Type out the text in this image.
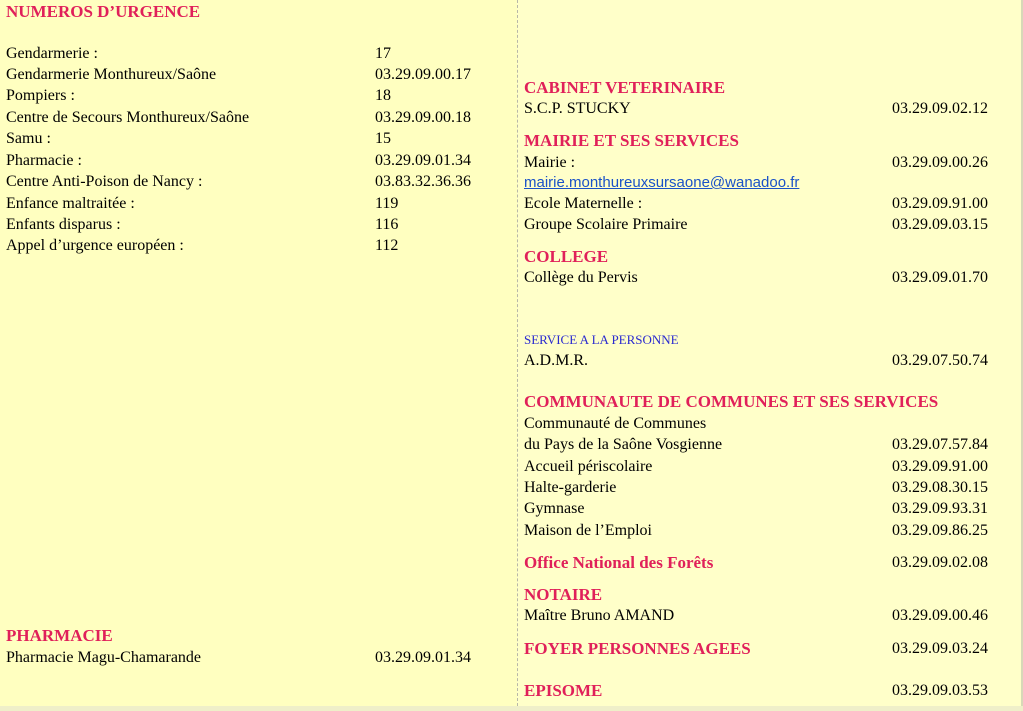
NUMEROS D’URGENCE
Gendarmerie :	17
Gendarmerie Monthureux/Saône	03.29.09.00.17
Pompiers :	18
Centre de Secours Monthureux/Saône	03.29.09.00.18
Samu :	15
Pharmacie :	03.29.09.01.34
Centre Anti-Poison de Nancy :	03.83.32.36.36
Enfance maltraitée :	119
Enfants disparus :	116
Appel d’urgence européen :	112
PHARMACIE
Pharmacie Magu-Chamarande	03.29.09.01.34
CABINET VETERINAIRE
S.C.P. STUCKY	03.29.09.02.12
MAIRIE ET SES SERVICES
Mairie :	03.29.09.00.26
mairie.monthureuxsursaone@wanadoo.fr
Ecole Maternelle :	03.29.09.91.00
Groupe Scolaire Primaire	03.29.09.03.15
COLLEGE
Collège du Pervis	03.29.09.01.70
SERVICE A LA PERSONNE
A.D.M.R.	03.29.07.50.74
COMMUNAUTE DE COMMUNES ET SES SERVICES
Communauté de Communes
du Pays de la Saône Vosgienne	03.29.07.57.84
Accueil périscolaire	03.29.09.91.00
Halte-garderie	03.29.08.30.15
Gymnase	03.29.09.93.31
Maison de l’Emploi	03.29.09.86.25
Office National des Forêts	03.29.09.02.08
NOTAIRE
Maître Bruno AMAND	03.29.09.00.46
FOYER PERSONNES AGEES	03.29.09.03.24
EPISOME	03.29.09.03.53
